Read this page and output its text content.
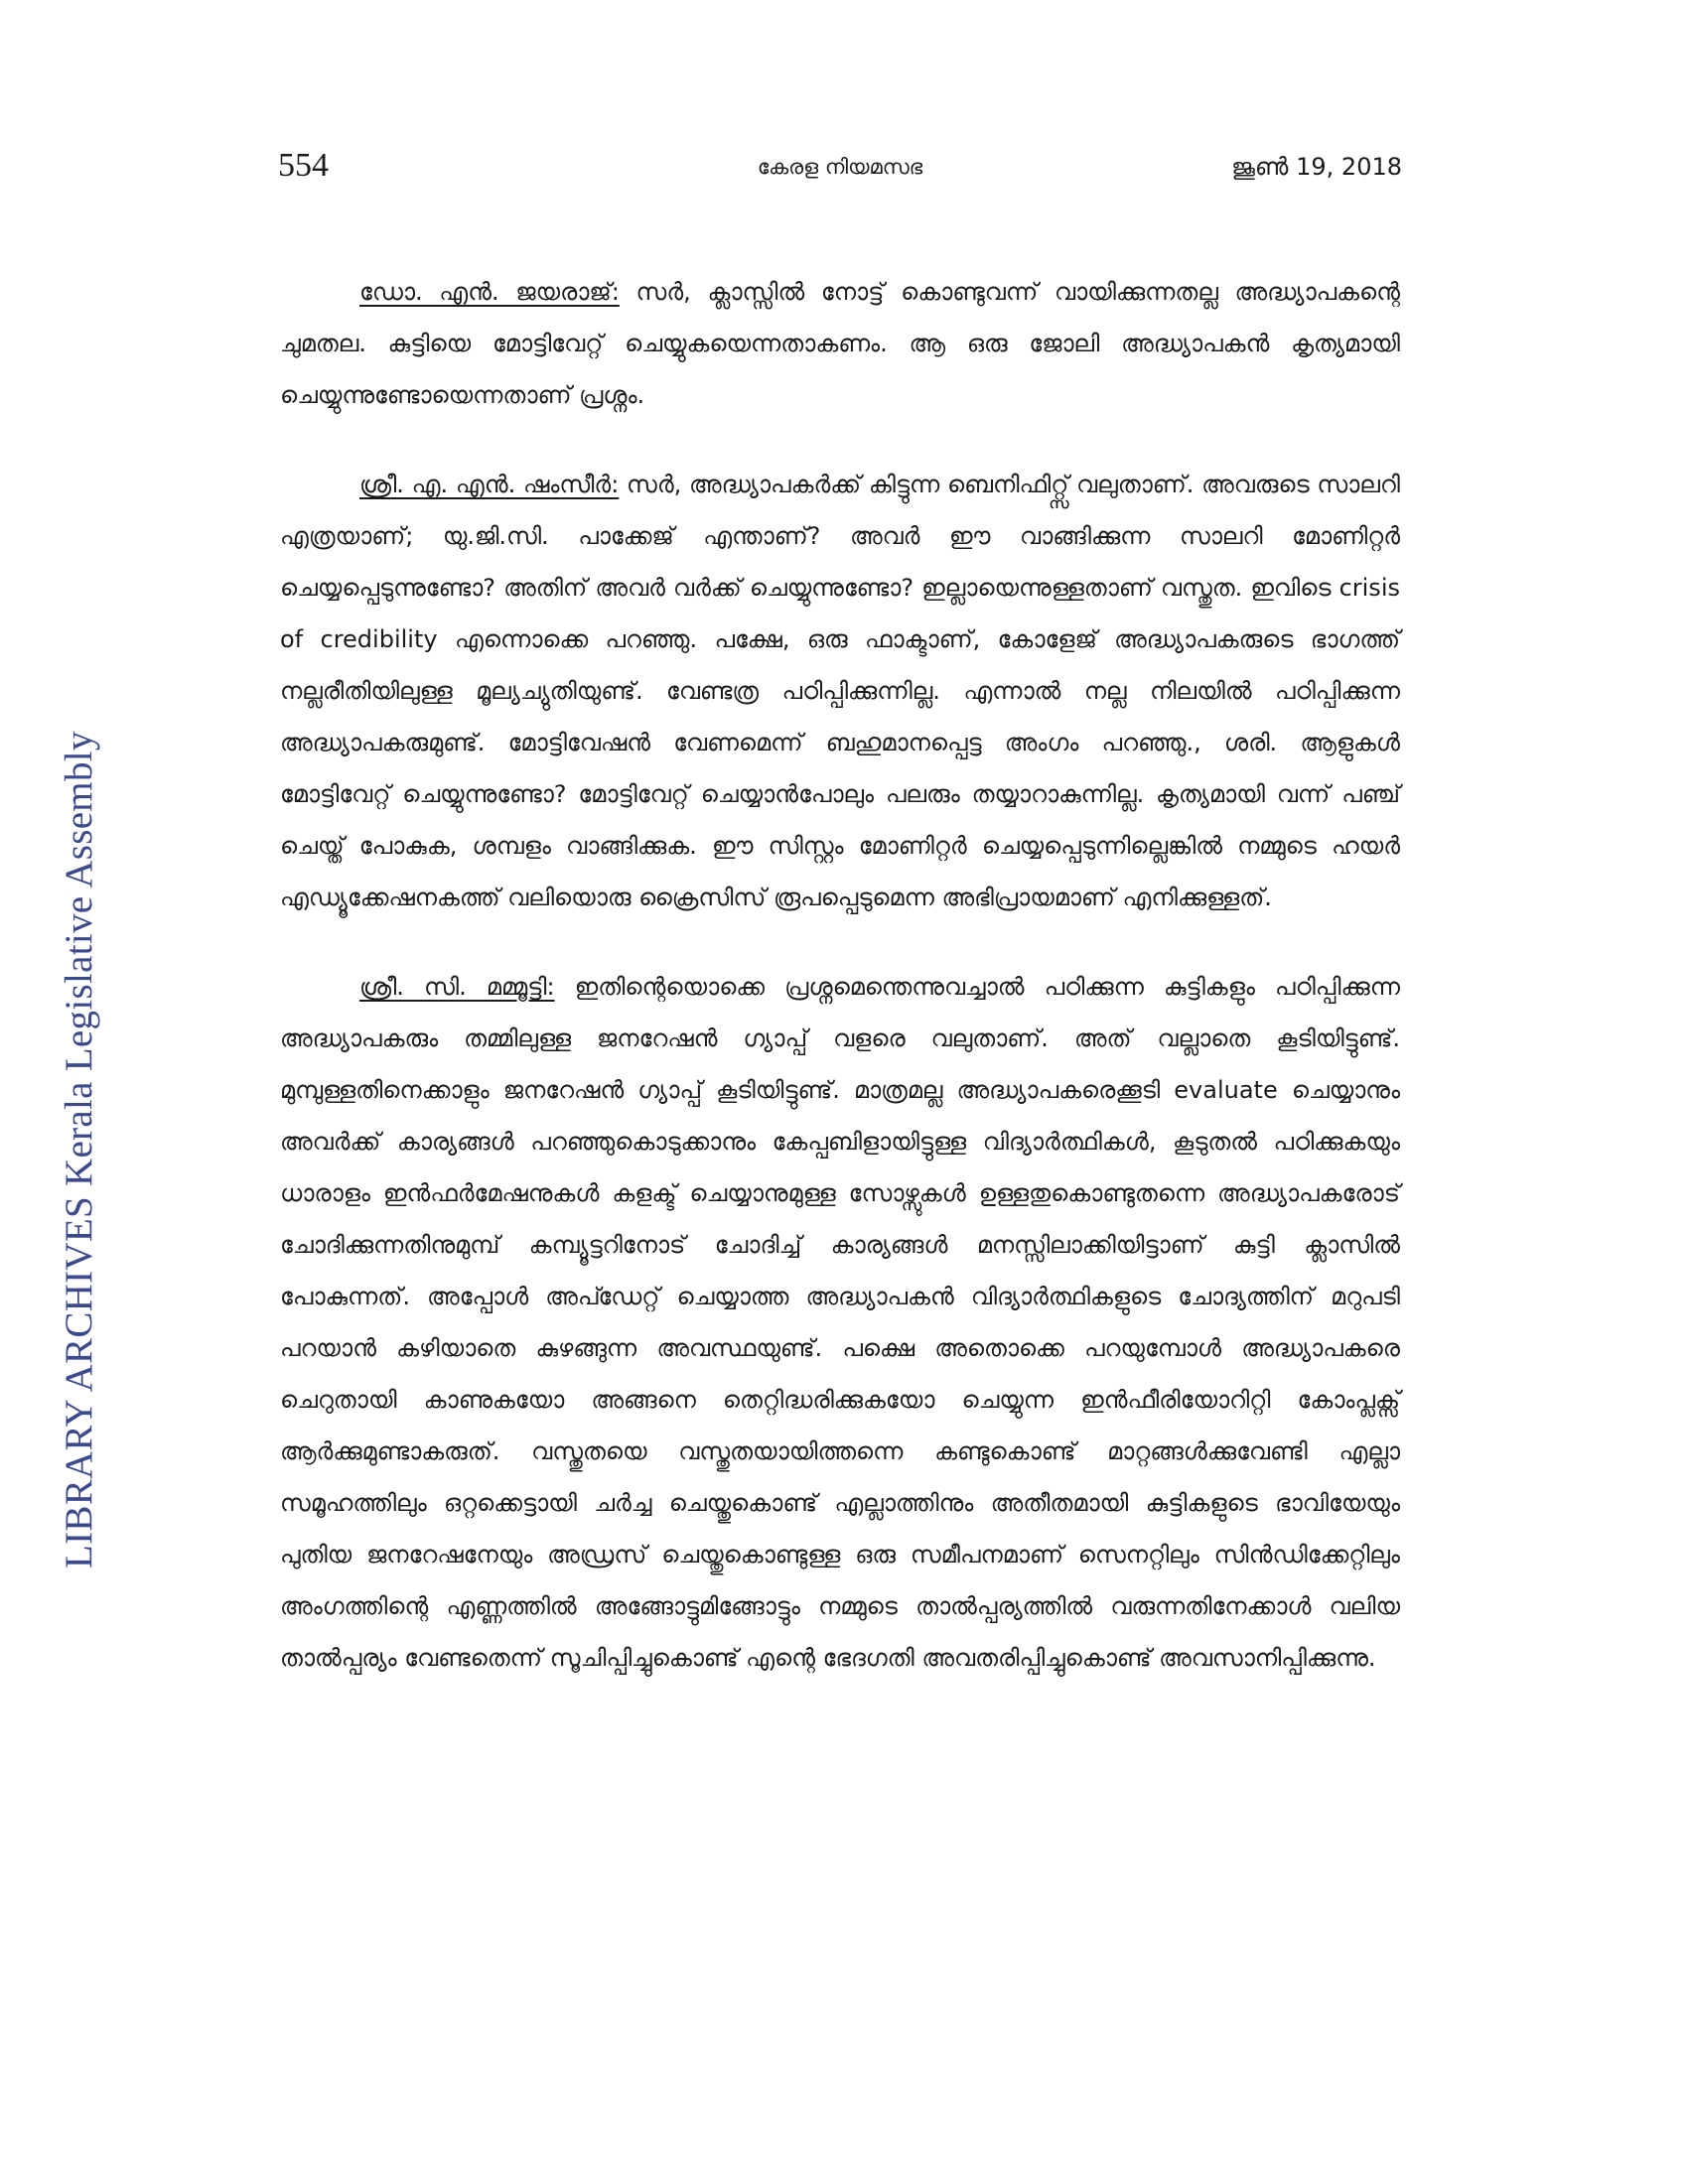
554	കേരള നിയമസഭ	ജൂൺ 19, 2018
LIBRARY ARCHIVES Kerala Legislative Assembly

ഡോ. എൻ. ജയരാജ്: സർ, ക്ലാസ്സിൽ നോട്ട് കൊണ്ടുവന്ന് വായിക്കുന്നതല്ല അദ്ധ്യാപകന്റെ ചുമതല. കുട്ടിയെ മോട്ടിവേറ്റ് ചെയ്യുകയെന്നതാകണം. ആ ഒരു ജോലി അദ്ധ്യാപകൻ കൃത്യമായി ചെയ്യുന്നുണ്ടോയെന്നതാണ് പ്രശ്നം.

ശ്രീ. എ. എൻ. ഷംസീർ: സർ, അദ്ധ്യാപകർക്ക് കിട്ടുന്ന ബെനിഫിറ്റ്സ് വലുതാണ്. അവരുടെ സാലറി എത്രയാണ്; യു.ജി.സി. പാക്കേജ് എന്താണ്? അവർ ഈ വാങ്ങിക്കുന്ന സാലറി മോണിറ്റർ ചെയ്യപ്പെടുന്നുണ്ടോ? അതിന് അവർ വർക്ക് ചെയ്യുന്നുണ്ടോ? ഇല്ലായെന്നുള്ളതാണ് വസ്തുത. ഇവിടെ crisis of credibility എന്നൊക്കെ പറഞ്ഞു. പക്ഷേ, ഒരു ഫാക്ടാണ്, കോളേജ് അദ്ധ്യാപകരുടെ ഭാഗത്ത് നല്ലരീതിയിലുള്ള മൂല്യച്യുതിയുണ്ട്. വേണ്ടത്ര പഠിപ്പിക്കുന്നില്ല. എന്നാൽ നല്ല നിലയിൽ പഠിപ്പിക്കുന്ന അദ്ധ്യാപകരുമുണ്ട്. മോട്ടിവേഷൻ വേണമെന്ന് ബഹുമാനപ്പെട്ട അംഗം പറഞ്ഞു., ശരി. ആളുകൾ മോട്ടിവേറ്റ് ചെയ്യുന്നുണ്ടോ? മോട്ടിവേറ്റ് ചെയ്യാൻപോലും പലരും തയ്യാറാകുന്നില്ല. കൃത്യമായി വന്ന് പഞ്ച് ചെയ്ത് പോകുക, ശമ്പളം വാങ്ങിക്കുക. ഈ സിസ്റ്റം മോണിറ്റർ ചെയ്യപ്പെടുന്നില്ലെങ്കിൽ നമ്മുടെ ഹയർ എഡ്യൂക്കേഷനകത്ത് വലിയൊരു ക്രൈസിസ് രൂപപ്പെടുമെന്ന അഭിപ്രായമാണ് എനിക്കുള്ളത്.

ശ്രീ. സി. മമ്മൂട്ടി: ഇതിന്റെയൊക്കെ പ്രശ്നമെന്തെന്നുവച്ചാൽ പഠിക്കുന്ന കുട്ടികളും പഠിപ്പിക്കുന്ന അദ്ധ്യാപകരും തമ്മിലുള്ള ജനറേഷൻ ഗ്യാപ്പ് വളരെ വലുതാണ്. അത് വല്ലാതെ കൂടിയിട്ടുണ്ട്. മുമ്പുള്ളതിനെക്കാളും ജനറേഷൻ ഗ്യാപ്പ് കൂടിയിട്ടുണ്ട്. മാത്രമല്ല അദ്ധ്യാപകരെക്കൂടി evaluate ചെയ്യാനും അവർക്ക് കാര്യങ്ങൾ പറഞ്ഞുകൊടുക്കാനും കേപ്പബിളായിട്ടുള്ള വിദ്യാർത്ഥികൾ, കൂടുതൽ പഠിക്കുകയും ധാരാളം ഇൻഫർമേഷനുകൾ കളക്ട് ചെയ്യാനുമുള്ള സോഴ്സുകൾ ഉള്ളതുകൊണ്ടുതന്നെ അദ്ധ്യാപകരോട് ചോദിക്കുന്നതിനുമുമ്പ് കമ്പ്യൂട്ടറിനോട് ചോദിച്ച് കാര്യങ്ങൾ മനസ്സിലാക്കിയിട്ടാണ് കുട്ടി ക്ലാസിൽ പോകുന്നത്. അപ്പോൾ അപ്ഡേറ്റ് ചെയ്യാത്ത അദ്ധ്യാപകൻ വിദ്യാർത്ഥികളുടെ ചോദ്യത്തിന് മറുപടി പറയാൻ കഴിയാതെ കുഴങ്ങുന്ന അവസ്ഥയുണ്ട്. പക്ഷെ അതൊക്കെ പറയുമ്പോൾ അദ്ധ്യാപകരെ ചെറുതായി കാണുകയോ അങ്ങനെ തെറ്റിദ്ധരിക്കുകയോ ചെയ്യുന്ന ഇൻഫീരിയോറിറ്റി കോംപ്ലക്സ് ആർക്കുമുണ്ടാകരുത്. വസ്തുതയെ വസ്തുതയായിത്തന്നെ കണ്ടുകൊണ്ട് മാറ്റങ്ങൾക്കുവേണ്ടി എല്ലാ സമൂഹത്തിലും ഒറ്റക്കെട്ടായി ചർച്ച ചെയ്തുകൊണ്ട് എല്ലാത്തിനും അതീതമായി കുട്ടികളുടെ ഭാവിയേയും പുതിയ ജനറേഷനേയും അഡ്രസ് ചെയ്തുകൊണ്ടുള്ള ഒരു സമീപനമാണ് സെനറ്റിലും സിൻഡിക്കേറ്റിലും അംഗത്തിന്റെ എണ്ണത്തിൽ അങ്ങോട്ടുമിങ്ങോട്ടും നമ്മുടെ താൽപ്പര്യത്തിൽ വരുന്നതിനേക്കാൾ വലിയ താൽപ്പര്യം വേണ്ടതെന്ന് സൂചിപ്പിച്ചുകൊണ്ട് എന്റെ ഭേദഗതി അവതരിപ്പിച്ചുകൊണ്ട് അവസാനിപ്പിക്കുന്നു.
